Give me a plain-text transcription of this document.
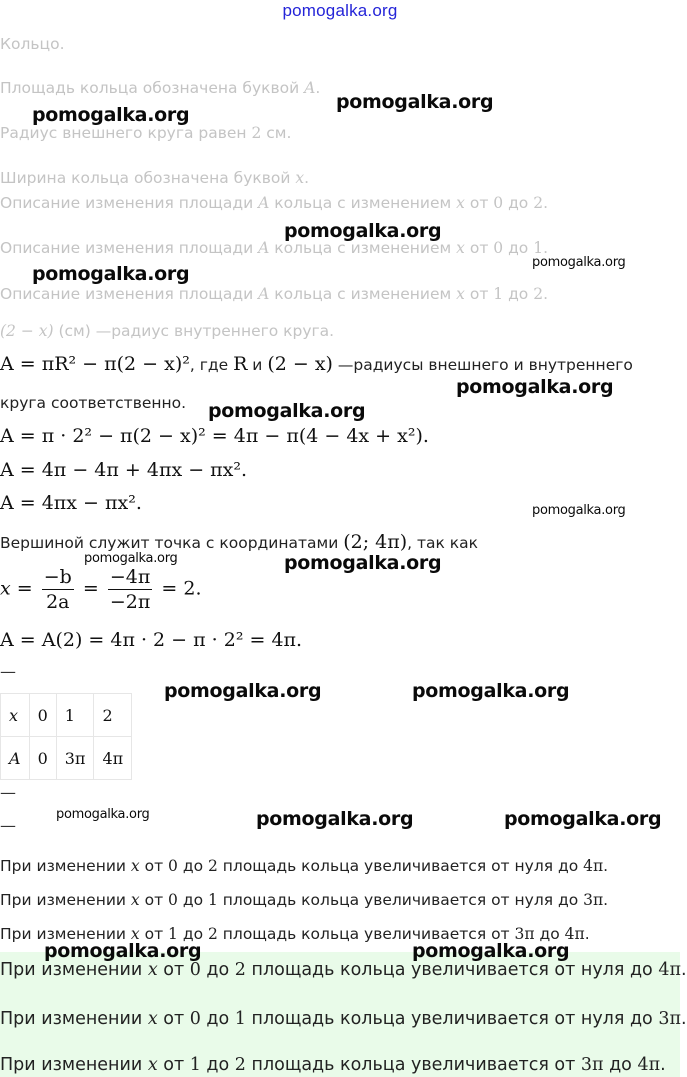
pomogalka.org
Кольцо.
Площадь кольца обозначена буквой A.
Радиус внешнего круга равен 2 см.
Ширина кольца обозначена буквой x.
Описание изменения площади A кольца с изменением x от 0 до 2.
Описание изменения площади A кольца с изменением x от 0 до 1.
Описание изменения площади A кольца с изменением x от 1 до 2.
(2 − x) (см) —радиус внутреннего круга.
A = πR² − π(2 − x)², где R и (2 − x) —радиусы внешнего и внутреннего
круга соответственно.
A = π · 2² − π(2 − x)² = 4π − π(4 − 4x + x²).
A = 4π − 4π + 4πx − πx².
A = 4πx − πx².
Вершиной служит точка с координатами (2; 4π), так как
$x = \frac{-b}{2a} = \frac{-4\pi}{-2\pi} = 2$.
A = A(2) = 4π · 2 − π · 2² = 4π.
—
x	0	1	2
A	0	3π	4π
—
—
При изменении x от 0 до 2 площадь кольца увеличивается от нуля до 4π.
При изменении x от 0 до 1 площадь кольца увеличивается от нуля до 3π.
При изменении x от 1 до 2 площадь кольца увеличивается от 3π до 4π.
При изменении x от 0 до 2 площадь кольца увеличивается от нуля до 4π.
При изменении x от 0 до 1 площадь кольца увеличивается от нуля до 3π.
При изменении x от 1 до 2 площадь кольца увеличивается от 3π до 4π.
pomogalka.org
pomogalka.org
pomogalka.org
pomogalka.org
pomogalka.org
pomogalka.org
pomogalka.org
pomogalka.org
pomogalka.org	pomogalka.org
pomogalka.org	pomogalka.org
pomogalka.org	pomogalka.org	pomogalka.org
pomogalka.org	pomogalka.org
